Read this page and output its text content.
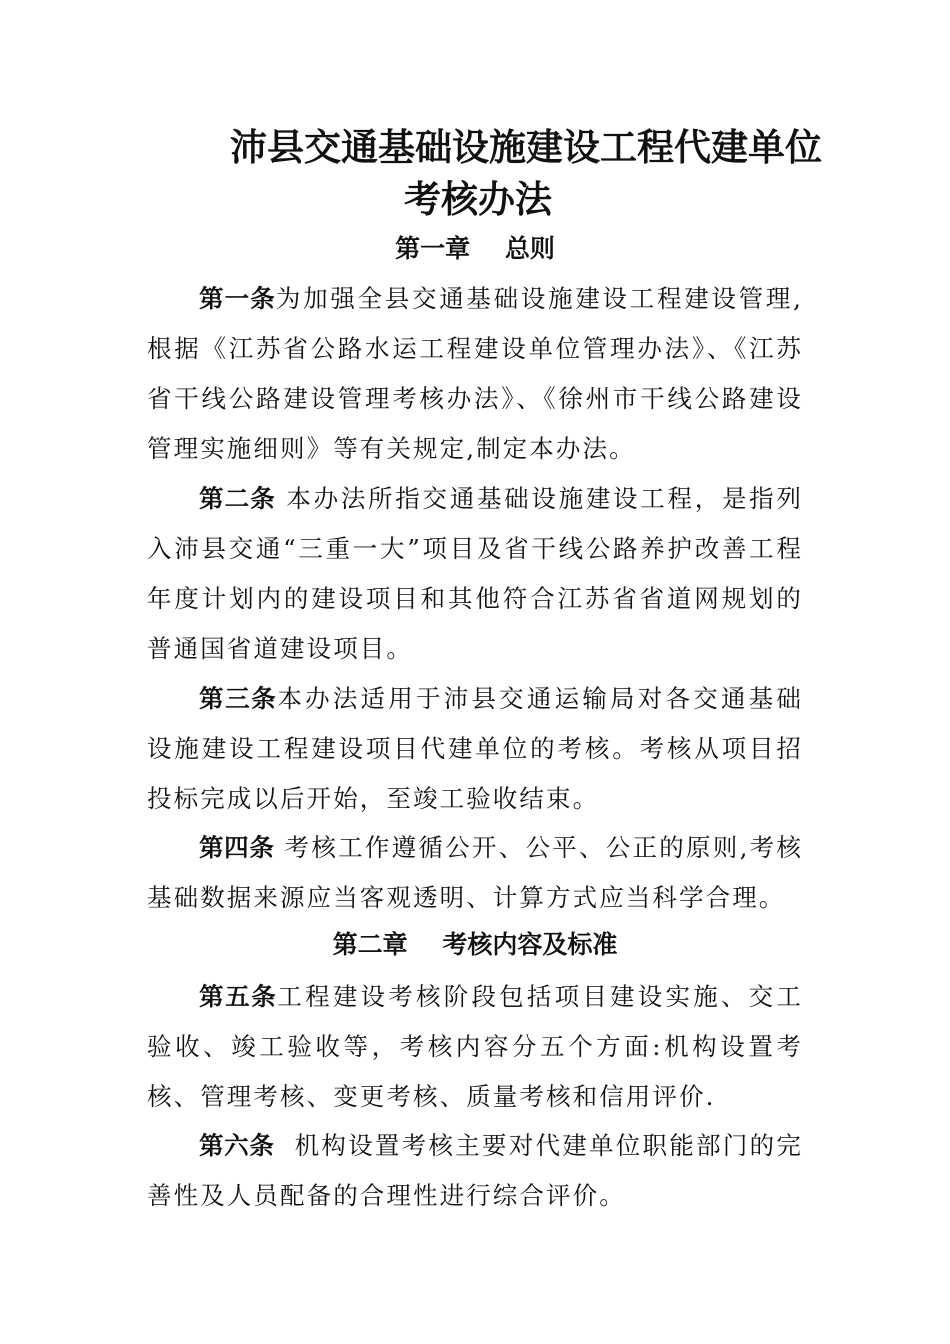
沛县交通基础设施建设工程代建单位
考核办法
第一章    总则

第一条为加强全县交通基础设施建设工程建设管理,根据《江苏省公路水运工程建设单位管理办法》、《江苏省干线公路建设管理考核办法》、《徐州市干线公路建设管理实施细则》等有关规定,制定本办法。

第二条 本办法所指交通基础设施建设工程，是指列入沛县交通“三重一大”项目及省干线公路养护改善工程年度计划内的建设项目和其他符合江苏省省道网规划的普通国省道建设项目。

第三条本办法适用于沛县交通运输局对各交通基础设施建设工程建设项目代建单位的考核。考核从项目招投标完成以后开始，至竣工验收结束。

第四条 考核工作遵循公开、公平、公正的原则,考核基础数据来源应当客观透明、计算方式应当科学合理。

第二章    考核内容及标准

第五条工程建设考核阶段包括项目建设实施、交工验收、竣工验收等，考核内容分五个方面:机构设置考核、管理考核、变更考核、质量考核和信用评价.

第六条  机构设置考核主要对代建单位职能部门的完善性及人员配备的合理性进行综合评价。
